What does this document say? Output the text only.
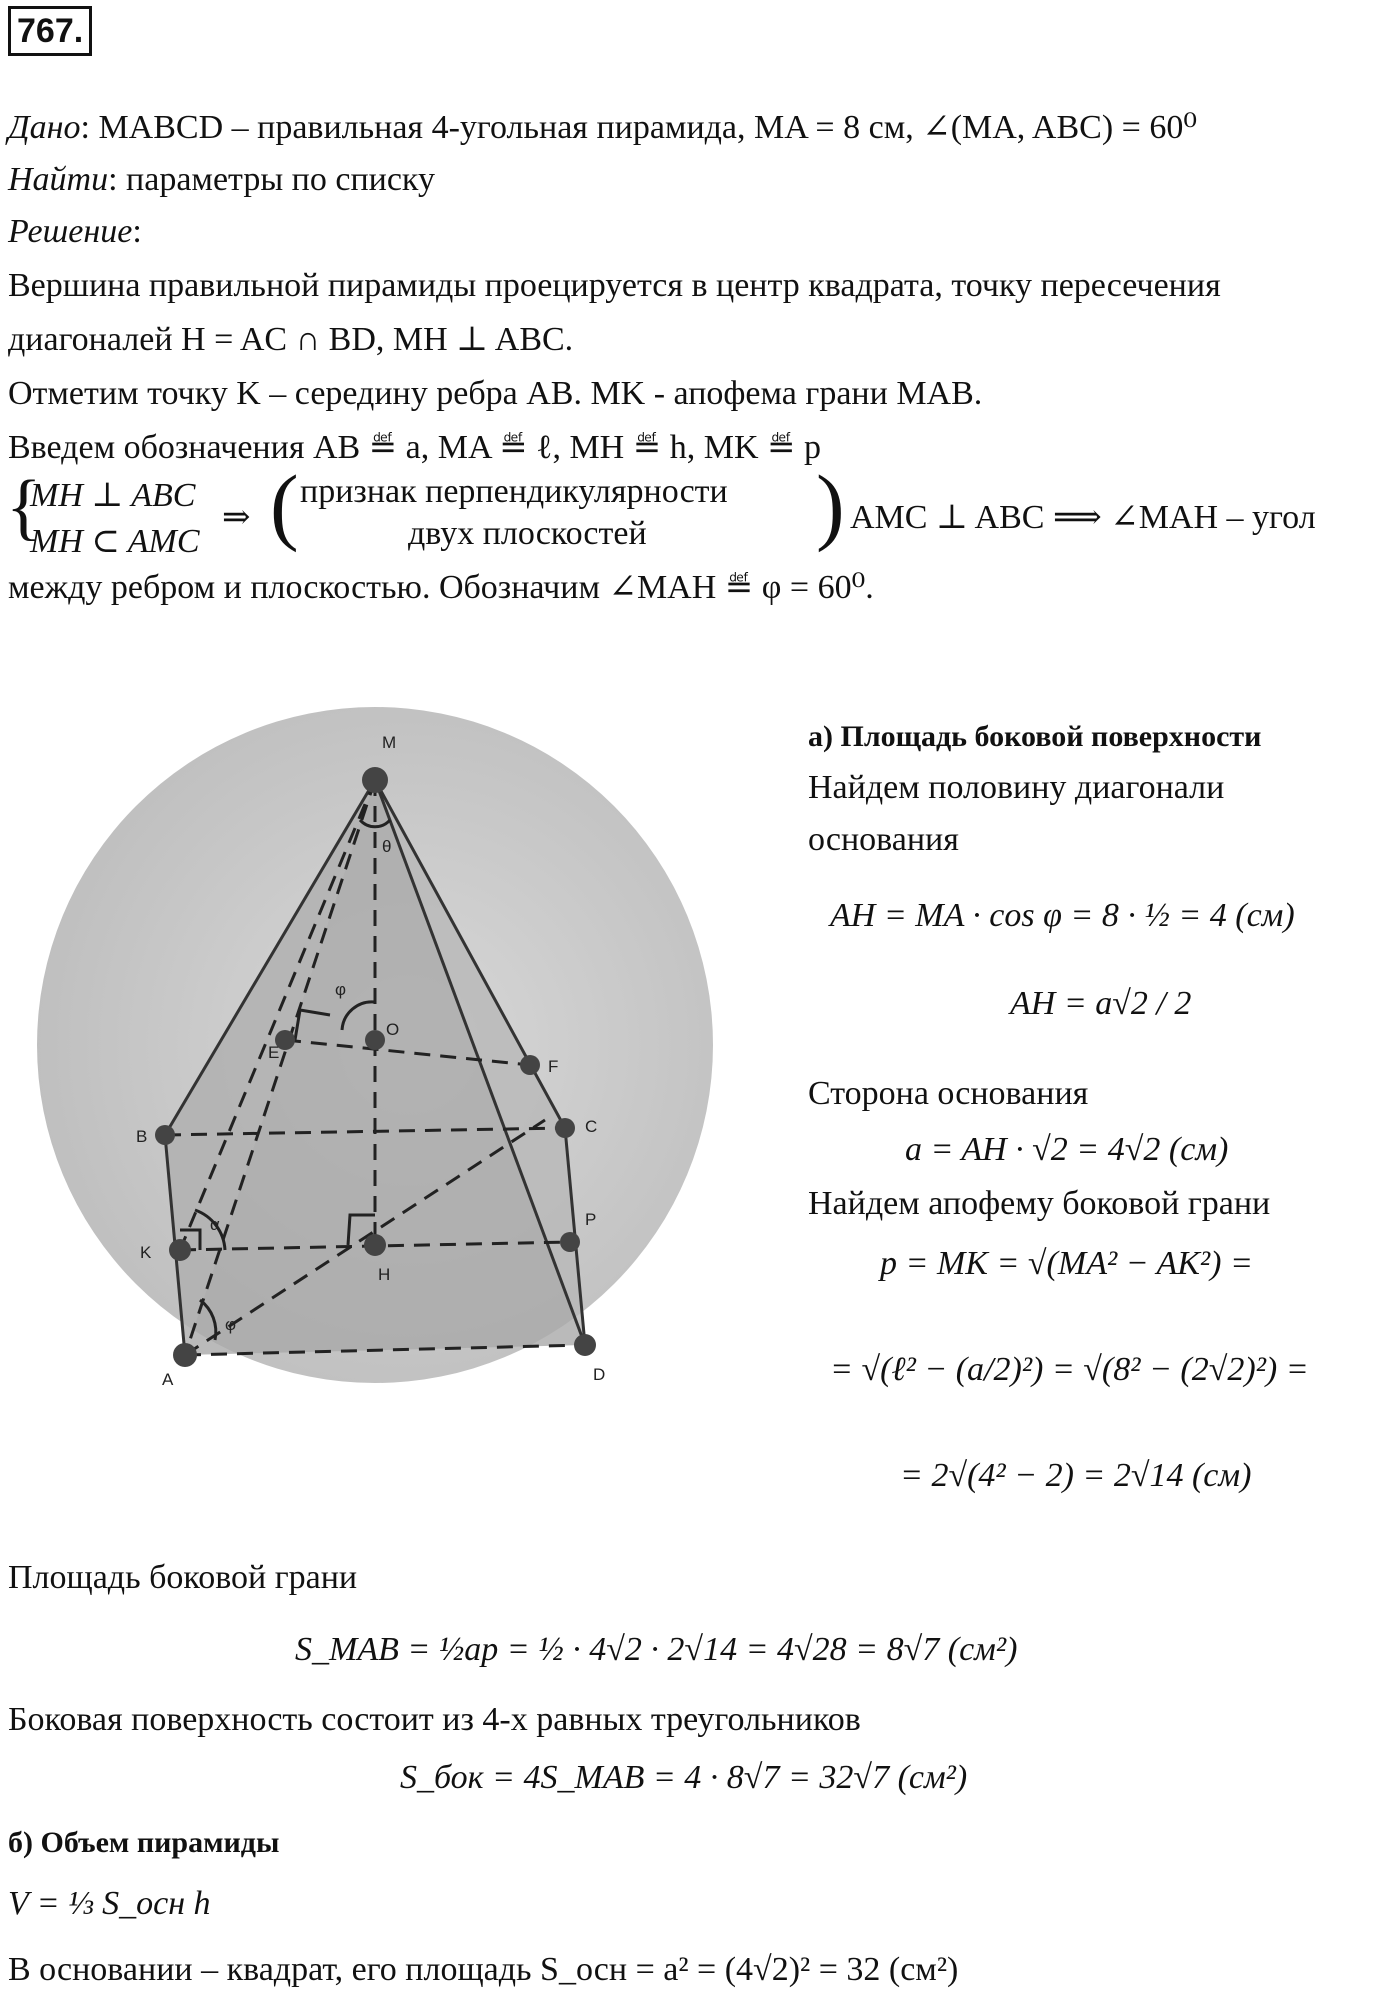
767.
Дано: MABCD – правильная 4-угольная пирамида, MA = 8 см, ∠(MA, ABC) = 60⁰
Найти: параметры по списку
Решение:
Вершина правильной пирамиды проецируется в центр квадрата, точку пересечения
диагоналей H = AC ∩ BD, MH ⊥ ABC.
Отметим точку K – середину ребра AB. MK - апофема грани MAB.
Введем обозначения AB ≝ a, MA ≝ ℓ, MH ≝ h, MK ≝ p
{
MH ⊥ ABC
MH ⊂ AMC
⇒ ( признак перпендикулярности
двух плоскостей ) AMC ⊥ ABC ⟹ ∠MAH – угол
между ребром и плоскостью. Обозначим ∠MAH ≝ φ = 60⁰.
M
B
C
E
F
O
K
H
P
A	D
α
φ
φ
θ
а) Площадь боковой поверхности
Найдем половину диагонали
основания
AH = MA · cos φ = 8 · ½ = 4 (см)
AH = a√2 / 2
Сторона основания
a = AH · √2 = 4√2 (см)
Найдем апофему боковой грани
p = MK = √(MA² − AK²) =
= √(ℓ² − (a/2)²) = √(8² − (2√2)²) =
= 2√(4² − 2) = 2√14 (см)
Площадь боковой грани
S_MAB = ½ap = ½ · 4√2 · 2√14 = 4√28 = 8√7 (см²)
Боковая поверхность состоит из 4-х равных треугольников
S_бок = 4S_MAB = 4 · 8√7 = 32√7 (см²)
б) Объем пирамиды
V = ⅓ S_осн h
В основании – квадрат, его площадь S_осн = a² = (4√2)² = 32 (см²)
